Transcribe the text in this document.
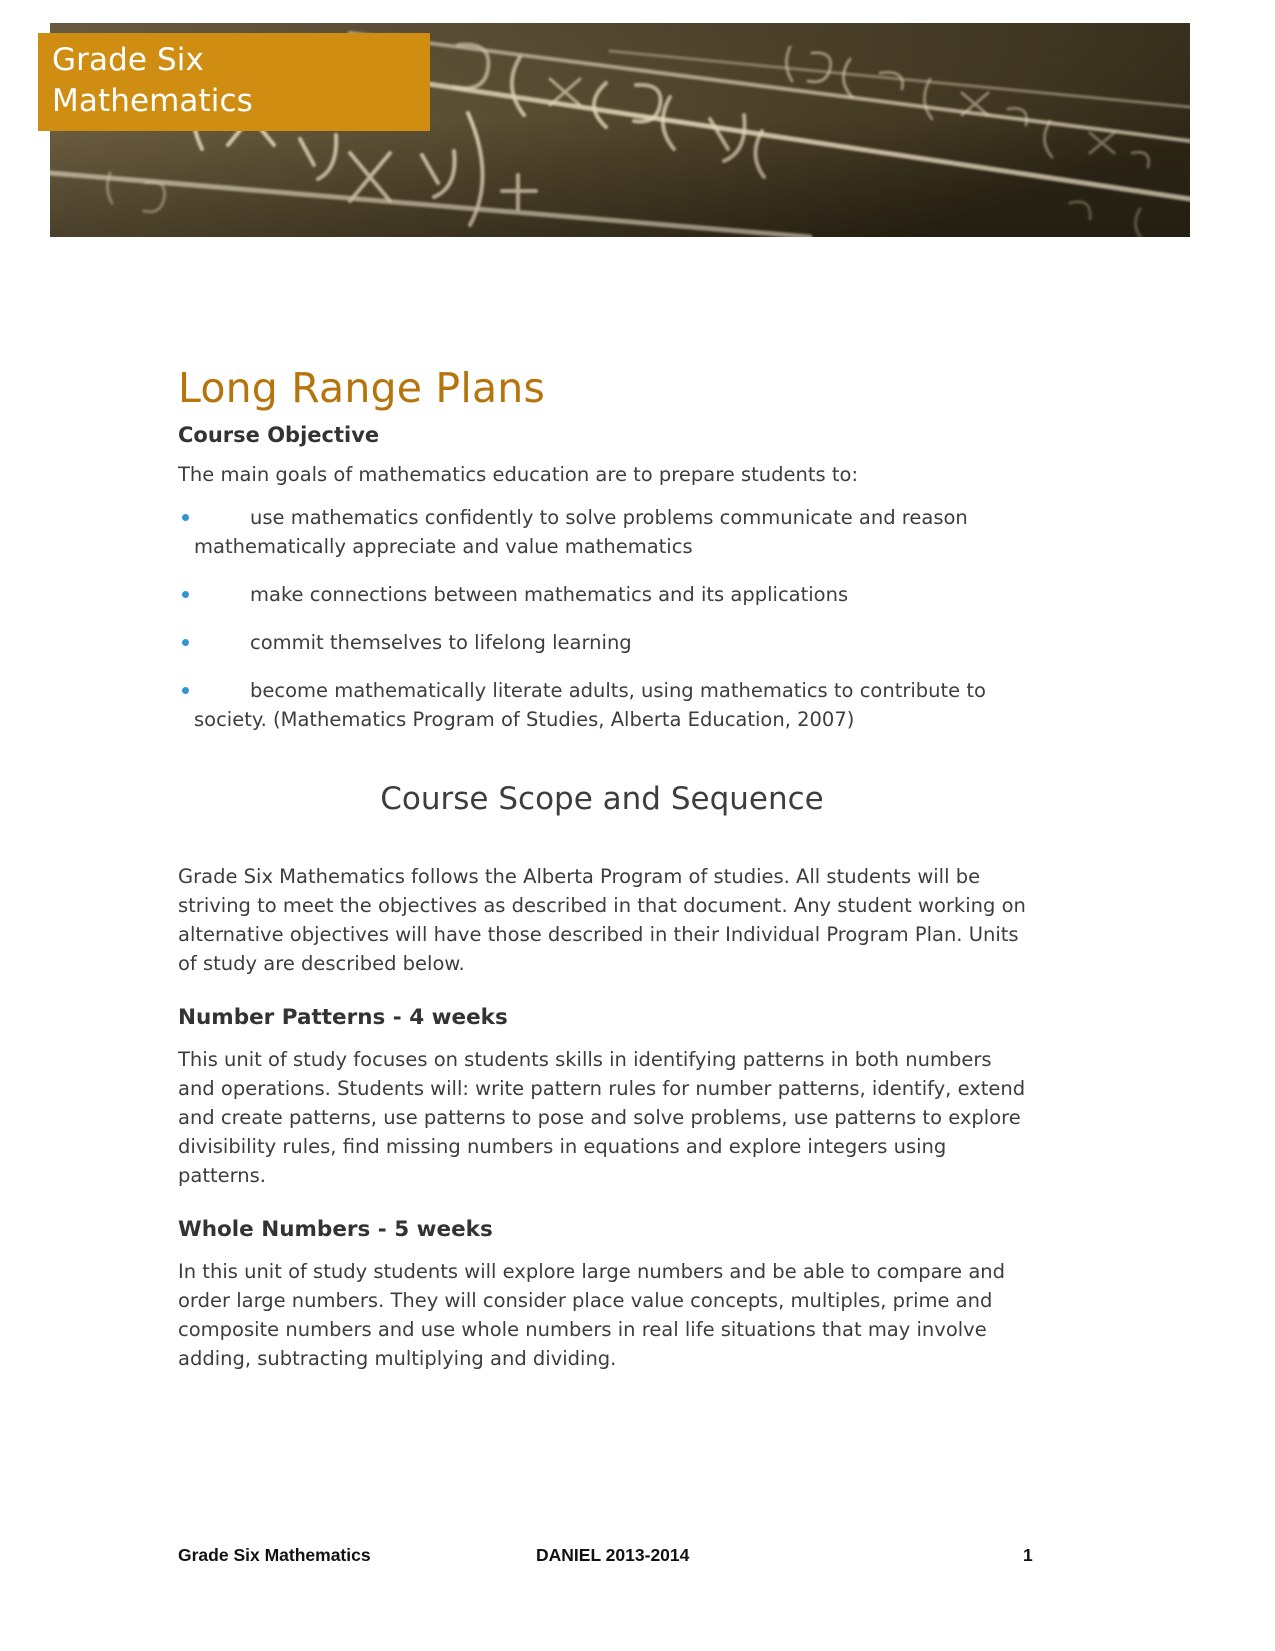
Grade Six
Mathematics
Long Range Plans
Course Objective

The main goals of mathematics education are to prepare students to:

use mathematics confidently to solve problems communicate and reason mathematically appreciate and value mathematics
make connections between mathematics and its applications
commit themselves to lifelong learning
become mathematically literate adults, using mathematics to contribute to society. (Mathematics Program of Studies, Alberta Education, 2007)
Course Scope and Sequence

Grade Six Mathematics follows the Alberta Program of studies. All students will be striving to meet the objectives as described in that document. Any student working on alternative objectives will have those described in their Individual Program Plan. Units of study are described below.

Number Patterns - 4 weeks

This unit of study focuses on students skills in identifying patterns in both numbers and operations. Students will: write pattern rules for number patterns, identify, extend and create patterns, use patterns to pose and solve problems, use patterns to explore divisibility rules, find missing numbers in equations and explore integers using patterns.

Whole Numbers - 5 weeks

In this unit of study students will explore large numbers and be able to compare and order large numbers. They will consider place value concepts, multiples, prime and composite numbers and use whole numbers in real life situations that may involve adding, subtracting multiplying and dividing.

Grade Six Mathematics	DANIEL 2013-2014	1
